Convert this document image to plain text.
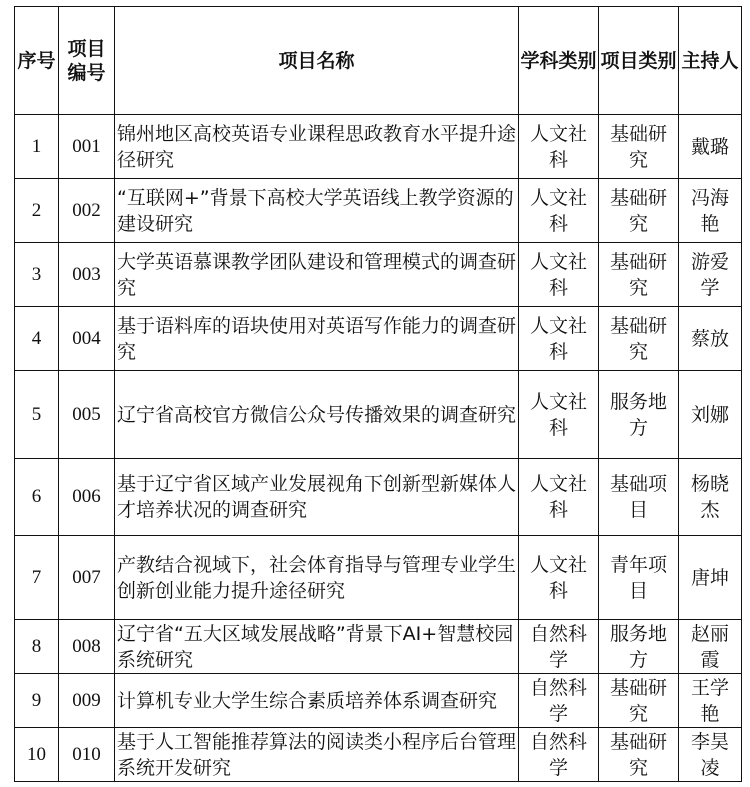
序号	项目编号	项目名称	学科类别	项目类别	主持人
1	001	锦州地区高校英语专业课程思政教育水平提升途径研究	人文社科	基础研究	戴璐
2	002	“互联网+”背景下高校大学英语线上教学资源的建设研究	人文社科	基础研究	冯海艳
3	003	大学英语慕课教学团队建设和管理模式的调查研究	人文社科	基础研究	游爱学
4	004	基于语料库的语块使用对英语写作能力的调查研究	人文社科	基础研究	蔡放
5	005	辽宁省高校官方微信公众号传播效果的调查研究	人文社科	服务地方	刘娜
6	006	基于辽宁省区域产业发展视角下创新型新媒体人才培养状况的调查研究	人文社科	基础项目	杨晓杰
7	007	产教结合视域下，社会体育指导与管理专业学生创新创业能力提升途径研究	人文社科	青年项目	唐坤
8	008	辽宁省“五大区域发展战略”背景下AI+智慧校园系统研究	自然科学	服务地方	赵丽霞
9	009	计算机专业大学生综合素质培养体系调查研究	自然科学	基础研究	王学艳
10	010	基于人工智能推荐算法的阅读类小程序后台管理系统开发研究	自然科学	基础研究	李昊凌
